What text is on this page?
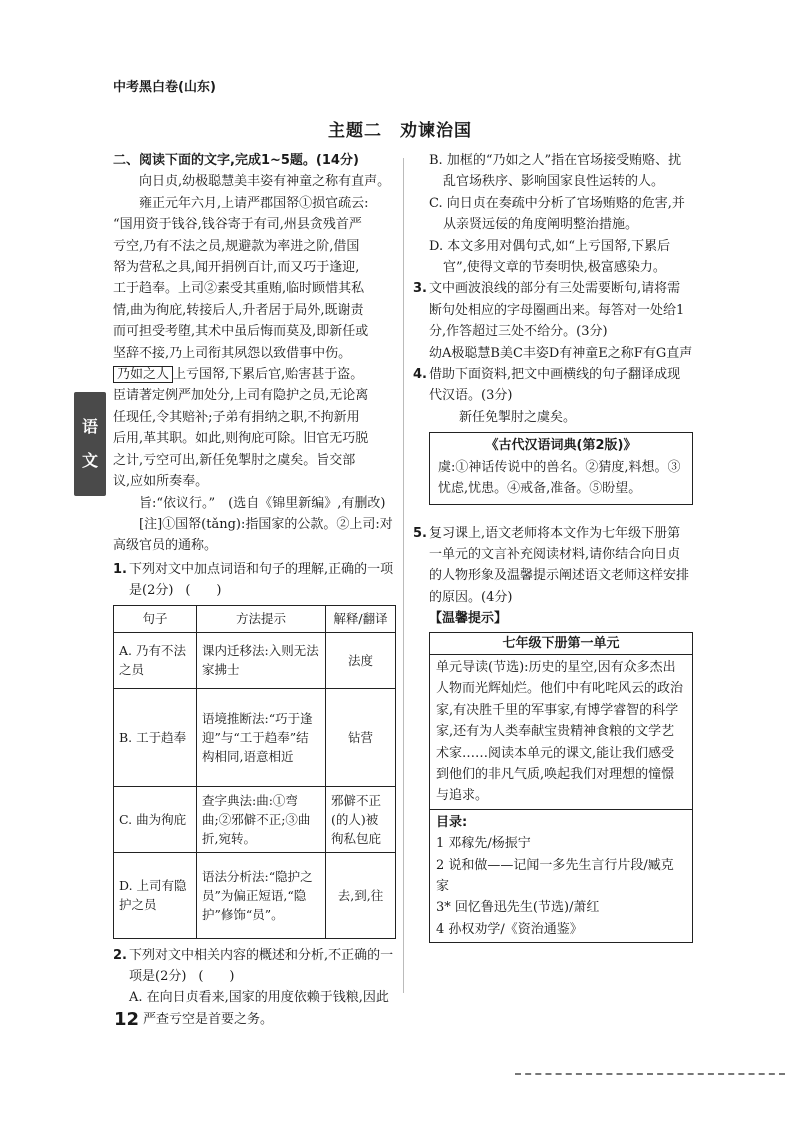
中考黑白卷(山东)
主题二　劝谏治国
语
文

二、阅读下面的文字,完成1~5题。(14分)

向日贞,幼极聪慧美丰姿有神童之称有直声。

雍正元年六月,上请严郡国帑①损官疏云:

“国用资于钱谷,钱谷寄于有司,州县贪残首严

亏空,乃有不法之员,规避款为率进之阶,借国

帑为营私之具,闻开捐例百计,而又巧于逢迎,

工于趋奉。上司②素受其重贿,临时顾惜其私

情,曲为徇庇,转接后人,升者居于局外,既谢责

而可担受考堕,其术中虽后悔而莫及,即新任或

坚辞不接,乃上司衔其夙怨以致借事中伤。

乃如之人 上亏国帑,下累后官,贻害甚于盗。

臣请著定例严加处分,上司有隐护之员,无论离

任现任,令其赔补;子弟有捐纳之职,不拘新用

后用,革其职。如此,则徇庇可除。旧官无巧脱

之计,亏空可出,新任免掣肘之虞矣。旨交部

议,应如所奏奉。

旨:“依议行。”　(选自《锦里新编》,有删改)

[注]①国帑(tǎng):指国家的公款。②上司:对高级官员的通称。

1. 下列对文中加点词语和句子的理解,正确的一项是(2分) (　　)
句子	方法提示	解释/翻译
A. 乃有不法之员	课内迁移法:入则无法家拂士	法度
B. 工于趋奉	语境推断法:“巧于逢迎”与“工于趋奉”结构相同,语意相近	钻营
C. 曲为徇庇	查字典法:曲:①弯曲;②邪僻不正;③曲折,宛转。	邪僻不正(的人)被徇私包庇
D. 上司有隐护之员	语法分析法:“隐护之员”为偏正短语,“隐护”修饰“员”。	去,到,往
2. 下列对文中相关内容的概述和分析,不正确的一项是(2分) (　　)

A. 在向日贞看来,国家的用度依赖于钱粮,因此严查亏空是首要之务。

B. 加框的“乃如之人”指在官场接受贿赂、扰乱官场秩序、影响国家良性运转的人。

C. 向日贞在奏疏中分析了官场贿赂的危害,并从亲贤远佞的角度阐明整治措施。

D. 本文多用对偶句式,如“上亏国帑,下累后官”,使得文章的节奏明快,极富感染力。

3. 文中画波浪线的部分有三处需要断句,请将需断句处相应的字母圈画出来。每答对一处给1分,作答超过三处不给分。(3分)

幼A极聪慧B美C丰姿D有神童E之称F有G直声

4. 借助下面资料,把文中画横线的句子翻译成现代汉语。(3分)

新任免掣肘之虞矣。

《古代汉语词典(第2版)》

虞:①神话传说中的兽名。②猜度,料想。③忧虑,忧患。④戒备,准备。⑤盼望。

5. 复习课上,语文老师将本文作为七年级下册第一单元的文言补充阅读材料,请你结合向日贞的人物形象及温馨提示阐述语文老师这样安排的原因。(4分)

【温馨提示】

七年级下册第一单元

单元导读(节选):历史的星空,因有众多杰出人物而光辉灿烂。他们中有叱咤风云的政治家,有决胜千里的军事家,有博学睿智的科学家,还有为人类奉献宝贵精神食粮的文学艺术家……阅读本单元的课文,能让我们感受到他们的非凡气质,唤起我们对理想的憧憬与追求。

目录:

1 邓稼先/杨振宁

2 说和做——记闻一多先生言行片段/臧克家

3* 回忆鲁迅先生(节选)/萧红

4 孙权劝学/《资治通鉴》

12
